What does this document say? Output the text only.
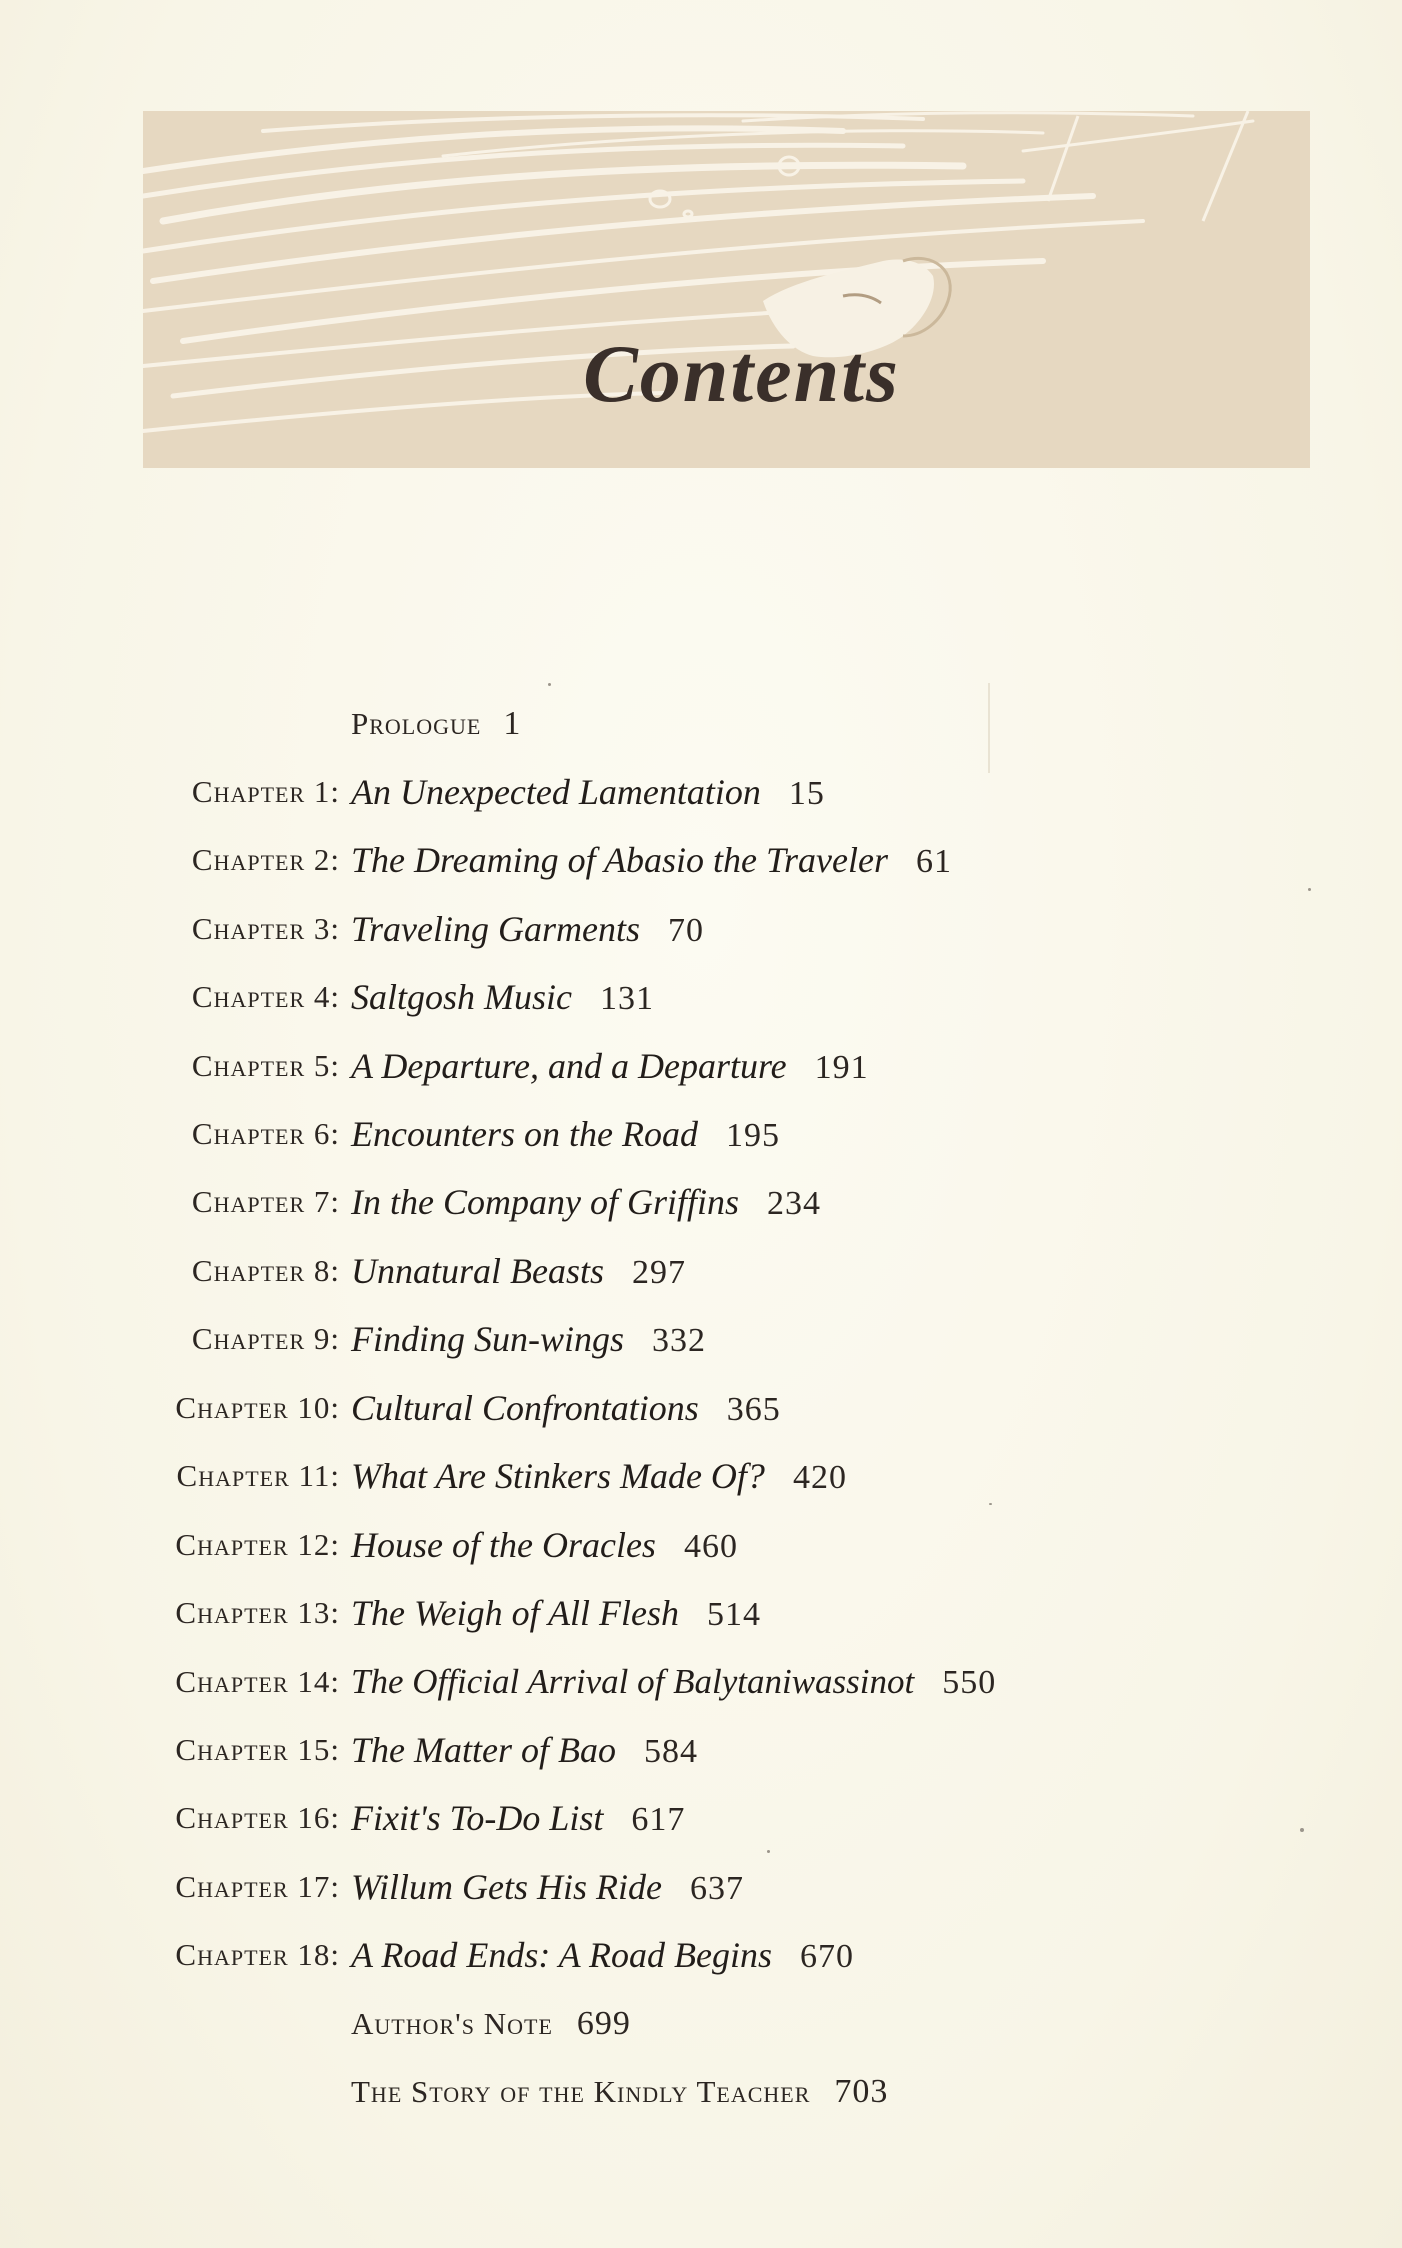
Contents
Prologue 1
Chapter 1: An Unexpected Lamentation 15
Chapter 2: The Dreaming of Abasio the Traveler 61
Chapter 3: Traveling Garments 70
Chapter 4: Saltgosh Music 131
Chapter 5: A Departure, and a Departure 191
Chapter 6: Encounters on the Road 195
Chapter 7: In the Company of Griffins 234
Chapter 8: Unnatural Beasts 297
Chapter 9: Finding Sun-wings 332
Chapter 10: Cultural Confrontations 365
Chapter 11: What Are Stinkers Made Of? 420
Chapter 12: House of the Oracles 460
Chapter 13: The Weigh of All Flesh 514
Chapter 14: The Official Arrival of Balytaniwassinot 550
Chapter 15: The Matter of Bao 584
Chapter 16: Fixit's To-Do List 617
Chapter 17: Willum Gets His Ride 637
Chapter 18: A Road Ends: A Road Begins 670
Author's Note 699
The Story of the Kindly Teacher 703
